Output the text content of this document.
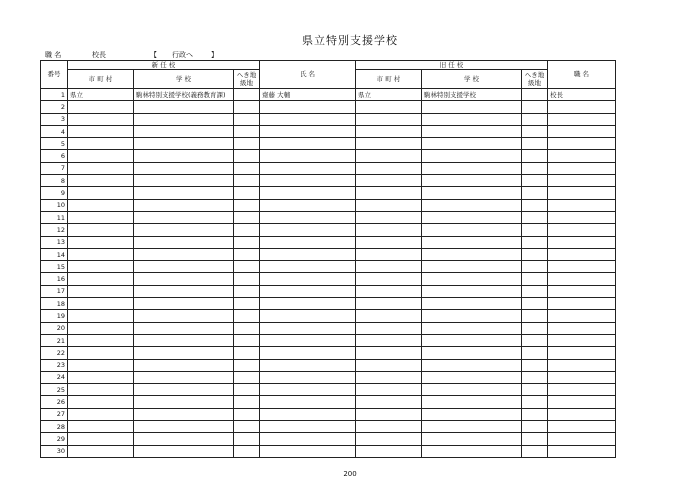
県立特別支援学校
職 名	校長	【 行政へ	】
番号	新 任 校			氏 名	旧 任 校			職 名
	市 町 村	学 校	へき地級地		市 町 村	学 校	へき地級地	
1	県立	駒林特別支援学校(義務教育課)		齋藤 大輔	県立	駒林特別支援学校		校長
2								
3								
4								
5								
6								
7								
8								
9								
10								
11								
12								
13								
14								
15								
16								
17								
18								
19								
20								
21								
22								
23								
24								
25								
26								
27								
28								
29								
30								
200
